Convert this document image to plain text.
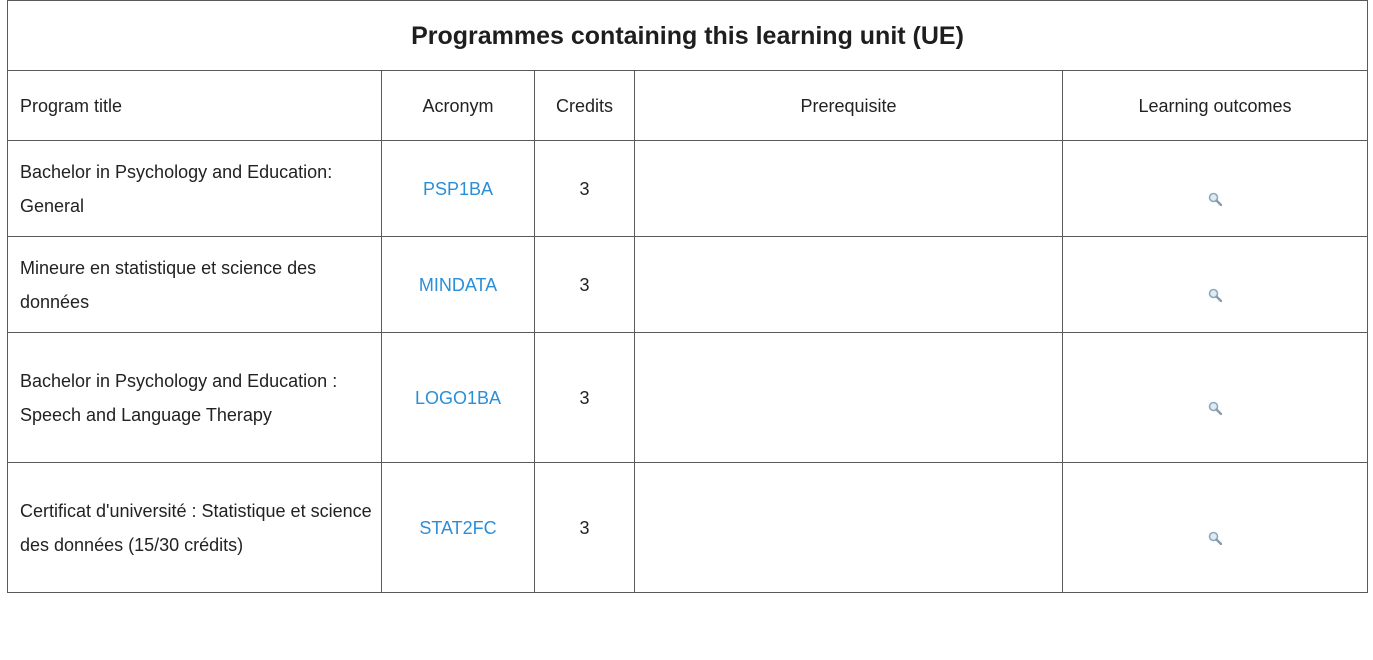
Programmes containing this learning unit (UE)				
Program title	Acronym	Credits	Prerequisite	Learning outcomes
Bachelor in Psychology and Education: General	PSP1BA	3		
Mineure en statistique et science des données	MINDATA	3		
Bachelor in Psychology and Education : Speech and Language Therapy	LOGO1BA	3		
Certificat d'université : Statistique et science des données (15/30 crédits)	STAT2FC	3		
